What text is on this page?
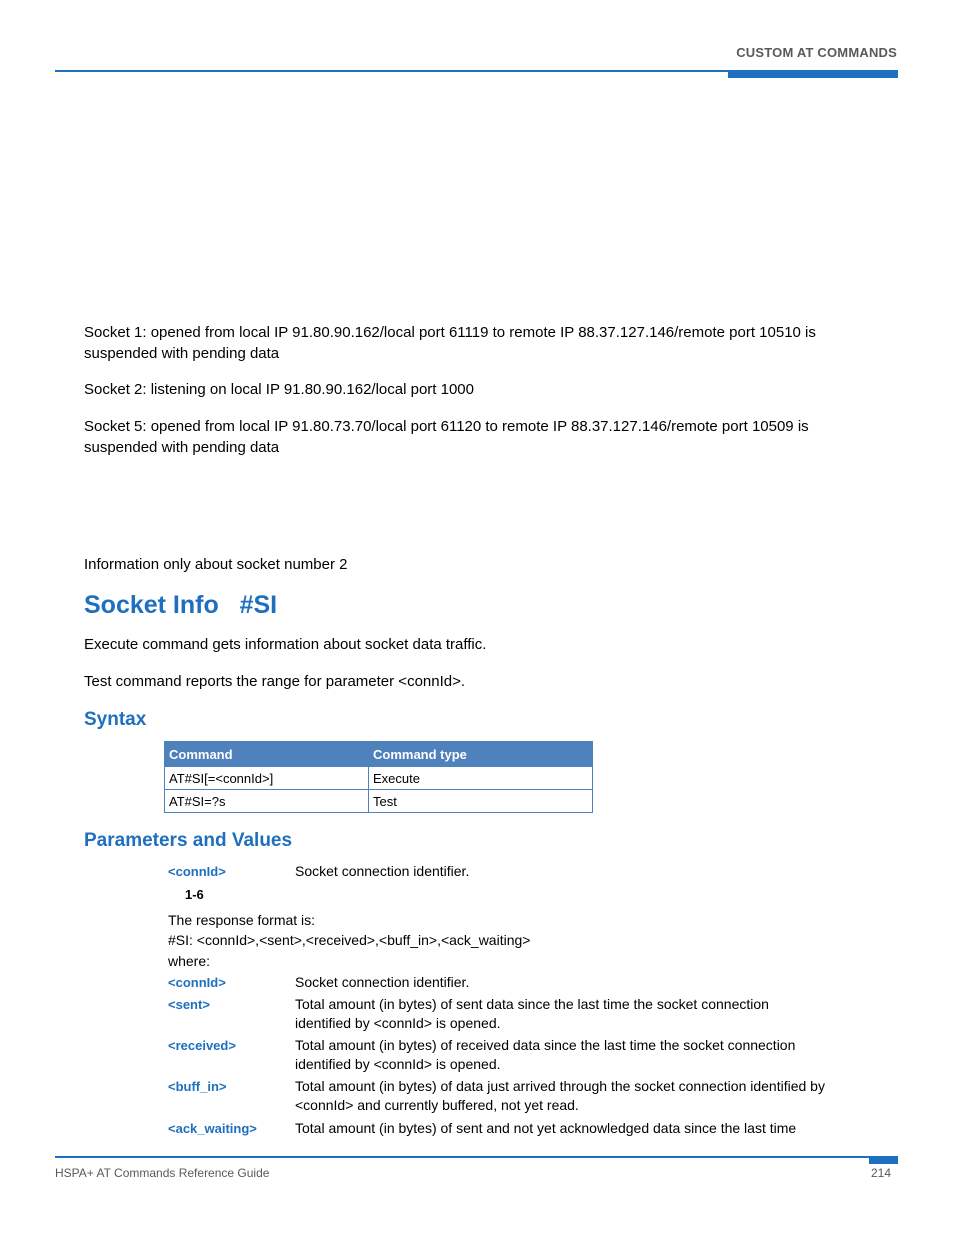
CUSTOM AT COMMANDS
Socket 1: opened from local IP 91.80.90.162/local port 61119 to remote IP 88.37.127.146/remote port 10510 is suspended with pending data
Socket 2: listening on local IP 91.80.90.162/local port 1000
Socket 5: opened from local IP 91.80.73.70/local port 61120 to remote IP 88.37.127.146/remote port 10509 is suspended with pending data
Information only about socket number 2
Socket Info   #SI
Execute command gets information about socket data traffic.
Test command reports the range for parameter <connId>.
Syntax
Command	Command type
AT#SI[=<connId>]	Execute
AT#SI=?s	Test
Parameters and Values
<connId>	Socket connection identifier.
1-6
The response format is:
#SI: <connId>,<sent>,<received>,<buff_in>,<ack_waiting>
where:
<connId>	Socket connection identifier.
<sent>	Total amount (in bytes) of sent data since the last time the socket connection identified by <connId> is opened.
<received>	Total amount (in bytes) of received data since the last time the socket connection identified by <connId> is opened.
<buff_in>	Total amount (in bytes) of data just arrived through the socket connection identified by <connId> and currently buffered, not yet read.
<ack_waiting>	Total amount (in bytes) of sent and not yet acknowledged data since the last time
HSPA+ AT Commands Reference Guide	214
